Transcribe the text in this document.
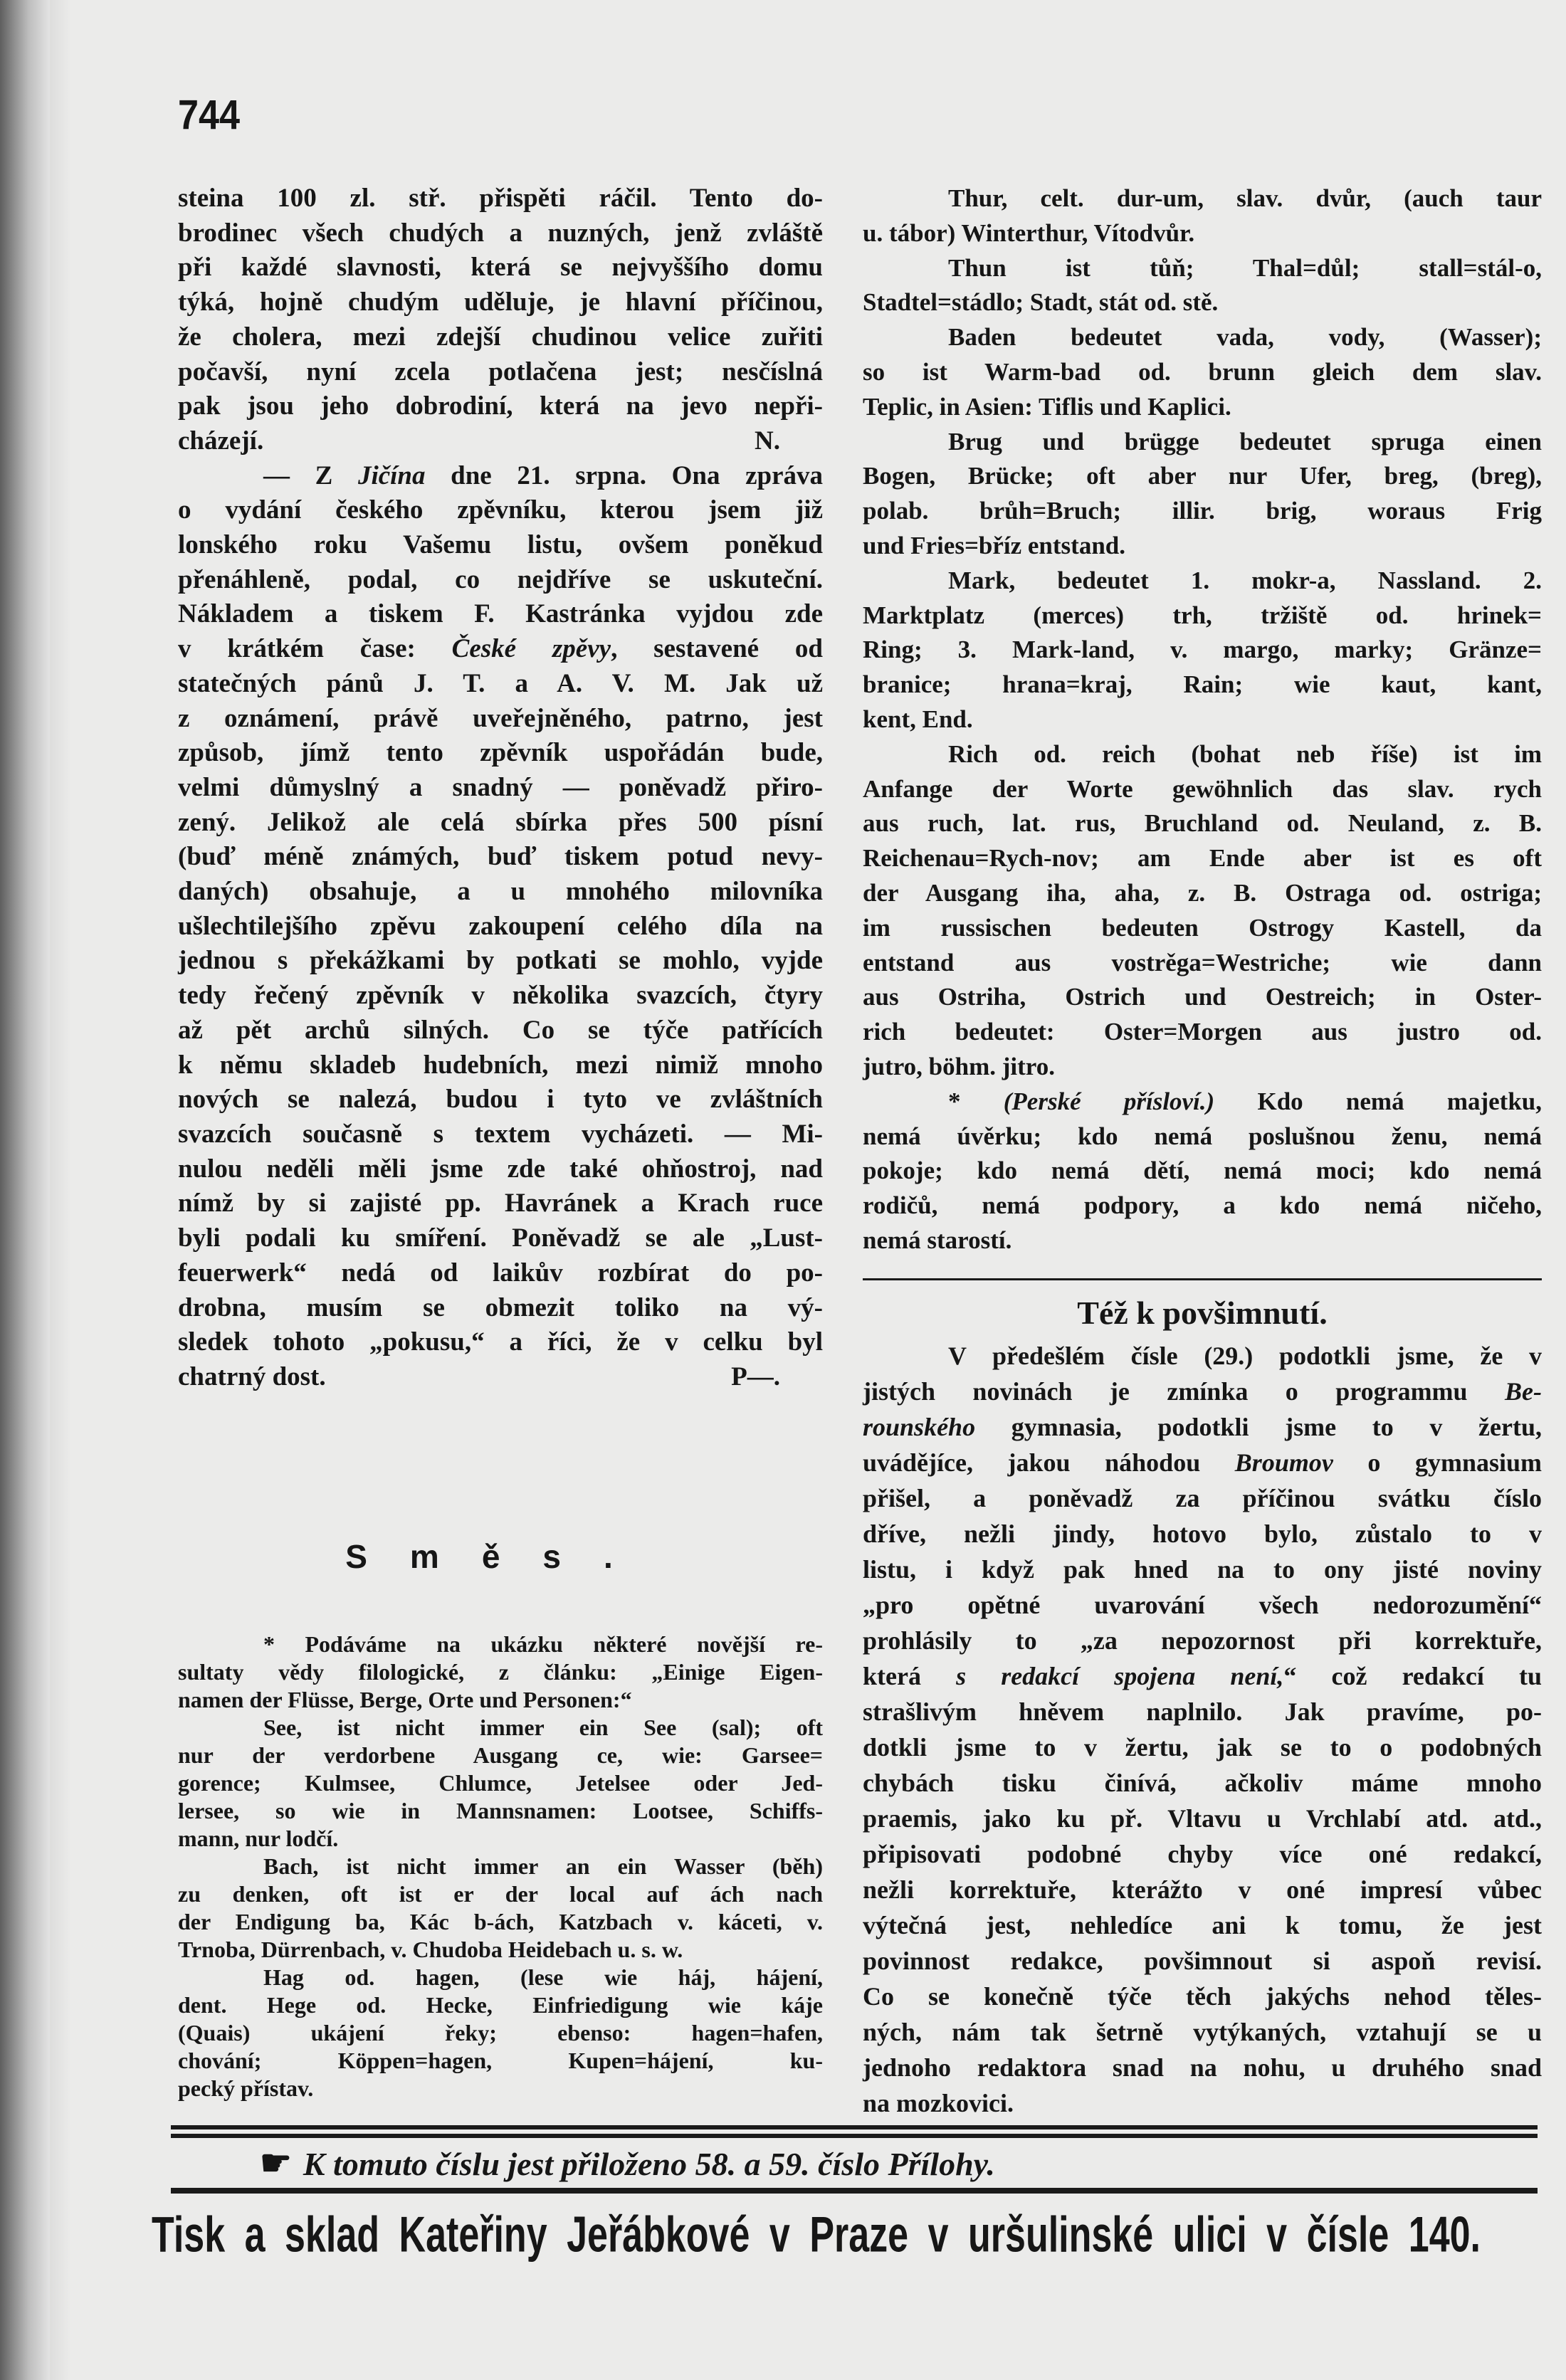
744
steina 100 zl. stř. přispěti ráčil. Tento do-
brodinec všech chudých a nuzných, jenž zvláště
při každé slavnosti, která se nejvyššího domu
týká, hojně chudým uděluje, je hlavní příčinou,
že cholera, mezi zdejší chudinou velice zuřiti
počavší, nyní zcela potlačena jest; nesčíslná
pak jsou jeho dobrodiní, která na jevo nepři-
cházejí.	N.
— Z Jičína dne 21. srpna. Ona zpráva
o vydání českého zpěvníku, kterou jsem již
lonského roku Vašemu listu, ovšem poněkud
přenáhleně, podal, co nejdříve se uskuteční.
Nákladem a tiskem F. Kastránka vyjdou zde
v krátkém čase: České zpěvy, sestavené od
statečných pánů J. T. a A. V. M. Jak už
z oznámení, právě uveřejněného, patrno, jest
způsob, jímž tento zpěvník uspořádán bude,
velmi důmyslný a snadný — poněvadž přiro-
zený. Jelikož ale celá sbírka přes 500 písní
(buď méně známých, buď tiskem potud nevy-
daných) obsahuje, a u mnohého milovníka
ušlechtilejšího zpěvu zakoupení celého díla na
jednou s překážkami by potkati se mohlo, vyjde
tedy řečený zpěvník v několika svazcích, čtyry
až pět archů silných. Co se týče patřících
k němu skladeb hudebních, mezi nimiž mnoho
nových se nalezá, budou i tyto ve zvláštních
svazcích současně s textem vycházeti. — Mi-
nulou neděli měli jsme zde také ohňostroj, nad
nímž by si zajisté pp. Havránek a Krach ruce
byli podali ku smíření. Poněvadž se ale „Lust-
feuerwerk“ nedá od laikův rozbírat do po-
drobna, musím se obmezit toliko na vý-
sledek tohoto „pokusu,“ a říci, že v celku byl
chatrný dost.	P—.
Směs.
* Podáváme na ukázku některé novější re-
sultaty vědy filologické, z článku: „Einige Eigen-
namen der Flüsse, Berge, Orte und Personen:“
See, ist nicht immer ein See (sal); oft
nur der verdorbene Ausgang ce, wie: Garsee=
gorence; Kulmsee, Chlumce, Jetelsee oder Jed-
lersee, so wie in Mannsnamen: Lootsee, Schiffs-
mann, nur lodčí.
Bach, ist nicht immer an ein Wasser (běh)
zu denken, oft ist er der local auf ách nach
der Endigung ba, Kác b-ách, Katzbach v. káceti, v.
Trnoba, Dürrenbach, v. Chudoba Heidebach u. s. w.
Hag od. hagen, (lese wie háj, hájení,
dent. Hege od. Hecke, Einfriedigung wie káje
(Quais) ukájení řeky; ebenso: hagen=hafen,
chování; Köppen=hagen, Kupen=hájení, ku-
pecký přístav.
Thur, celt. dur-um, slav. dvůr, (auch taur
u. tábor) Winterthur, Vítodvůr.
Thun ist tůň; Thal=důl; stall=stál-o,
Stadtel=stádlo; Stadt, stát od. stě.
Baden bedeutet vada, vody, (Wasser);
so ist Warm-bad od. brunn gleich dem slav.
Teplic, in Asien: Tiflis und Kaplici.
Brug und brügge bedeutet spruga einen
Bogen, Brücke; oft aber nur Ufer, breg, (breg),
polab. brůh=Bruch; illir. brig, woraus Frig
und Fries=bříz entstand.
Mark, bedeutet 1. mokr-a, Nassland. 2.
Marktplatz (merces) trh, tržiště od. hrinek=
Ring; 3. Mark-land, v. margo, marky; Gränze=
branice; hrana=kraj, Rain; wie kaut, kant,
kent, End.
Rich od. reich (bohat neb říše) ist im
Anfange der Worte gewöhnlich das slav. rych
aus ruch, lat. rus, Bruchland od. Neuland, z. B.
Reichenau=Rych-nov; am Ende aber ist es oft
der Ausgang iha, aha, z. B. Ostraga od. ostriga;
im russischen bedeuten Ostrogy Kastell, da
entstand aus vostrěga=Westriche; wie dann
aus Ostriha, Ostrich und Oestreich; in Oster-
rich bedeutet: Oster=Morgen aus justro od.
jutro, böhm. jitro.
* (Perské přísloví.) Kdo nemá majetku,
nemá úvěrku; kdo nemá poslušnou ženu, nemá
pokoje; kdo nemá dětí, nemá moci; kdo nemá
rodičů, nemá podpory, a kdo nemá ničeho,
nemá starostí.
Též k povšimnutí.
V předešlém čísle (29.) podotkli jsme, že v
jistých novinách je zmínka o programmu Be-
rounského gymnasia, podotkli jsme to v žertu,
uvádějíce, jakou náhodou Broumov o gymnasium
přišel, a poněvadž za příčinou svátku číslo
dříve, nežli jindy, hotovo bylo, zůstalo to v
listu, i když pak hned na to ony jisté noviny
„pro opětné uvarování všech nedorozumění“
prohlásily to „za nepozornost při korrektuře,
která s redakcí spojena není,“ což redakcí tu
strašlivým hněvem naplnilo. Jak pravíme, po-
dotkli jsme to v žertu, jak se to o podobných
chybách tisku činívá, ačkoliv máme mnoho
praemis, jako ku př. Vltavu u Vrchlabí atd. atd.,
připisovati podobné chyby více oné redakcí,
nežli korrektuře, kterážto v oné impresí vůbec
výtečná jest, nehledíce ani k tomu, že jest
povinnost redakce, povšimnout si aspoň revisí.
Co se konečně týče těch jakýchs nehod těles-
ných, nám tak šetrně vytýkaných, vztahují se u
jednoho redaktora snad na nohu, u druhého snad
na mozkovici.
☛ K tomuto číslu jest přiloženo 58. a 59. číslo Přílohy.
Tisk a sklad Kateřiny Jeřábkové v Praze v uršulinské ulici v čísle 140.
